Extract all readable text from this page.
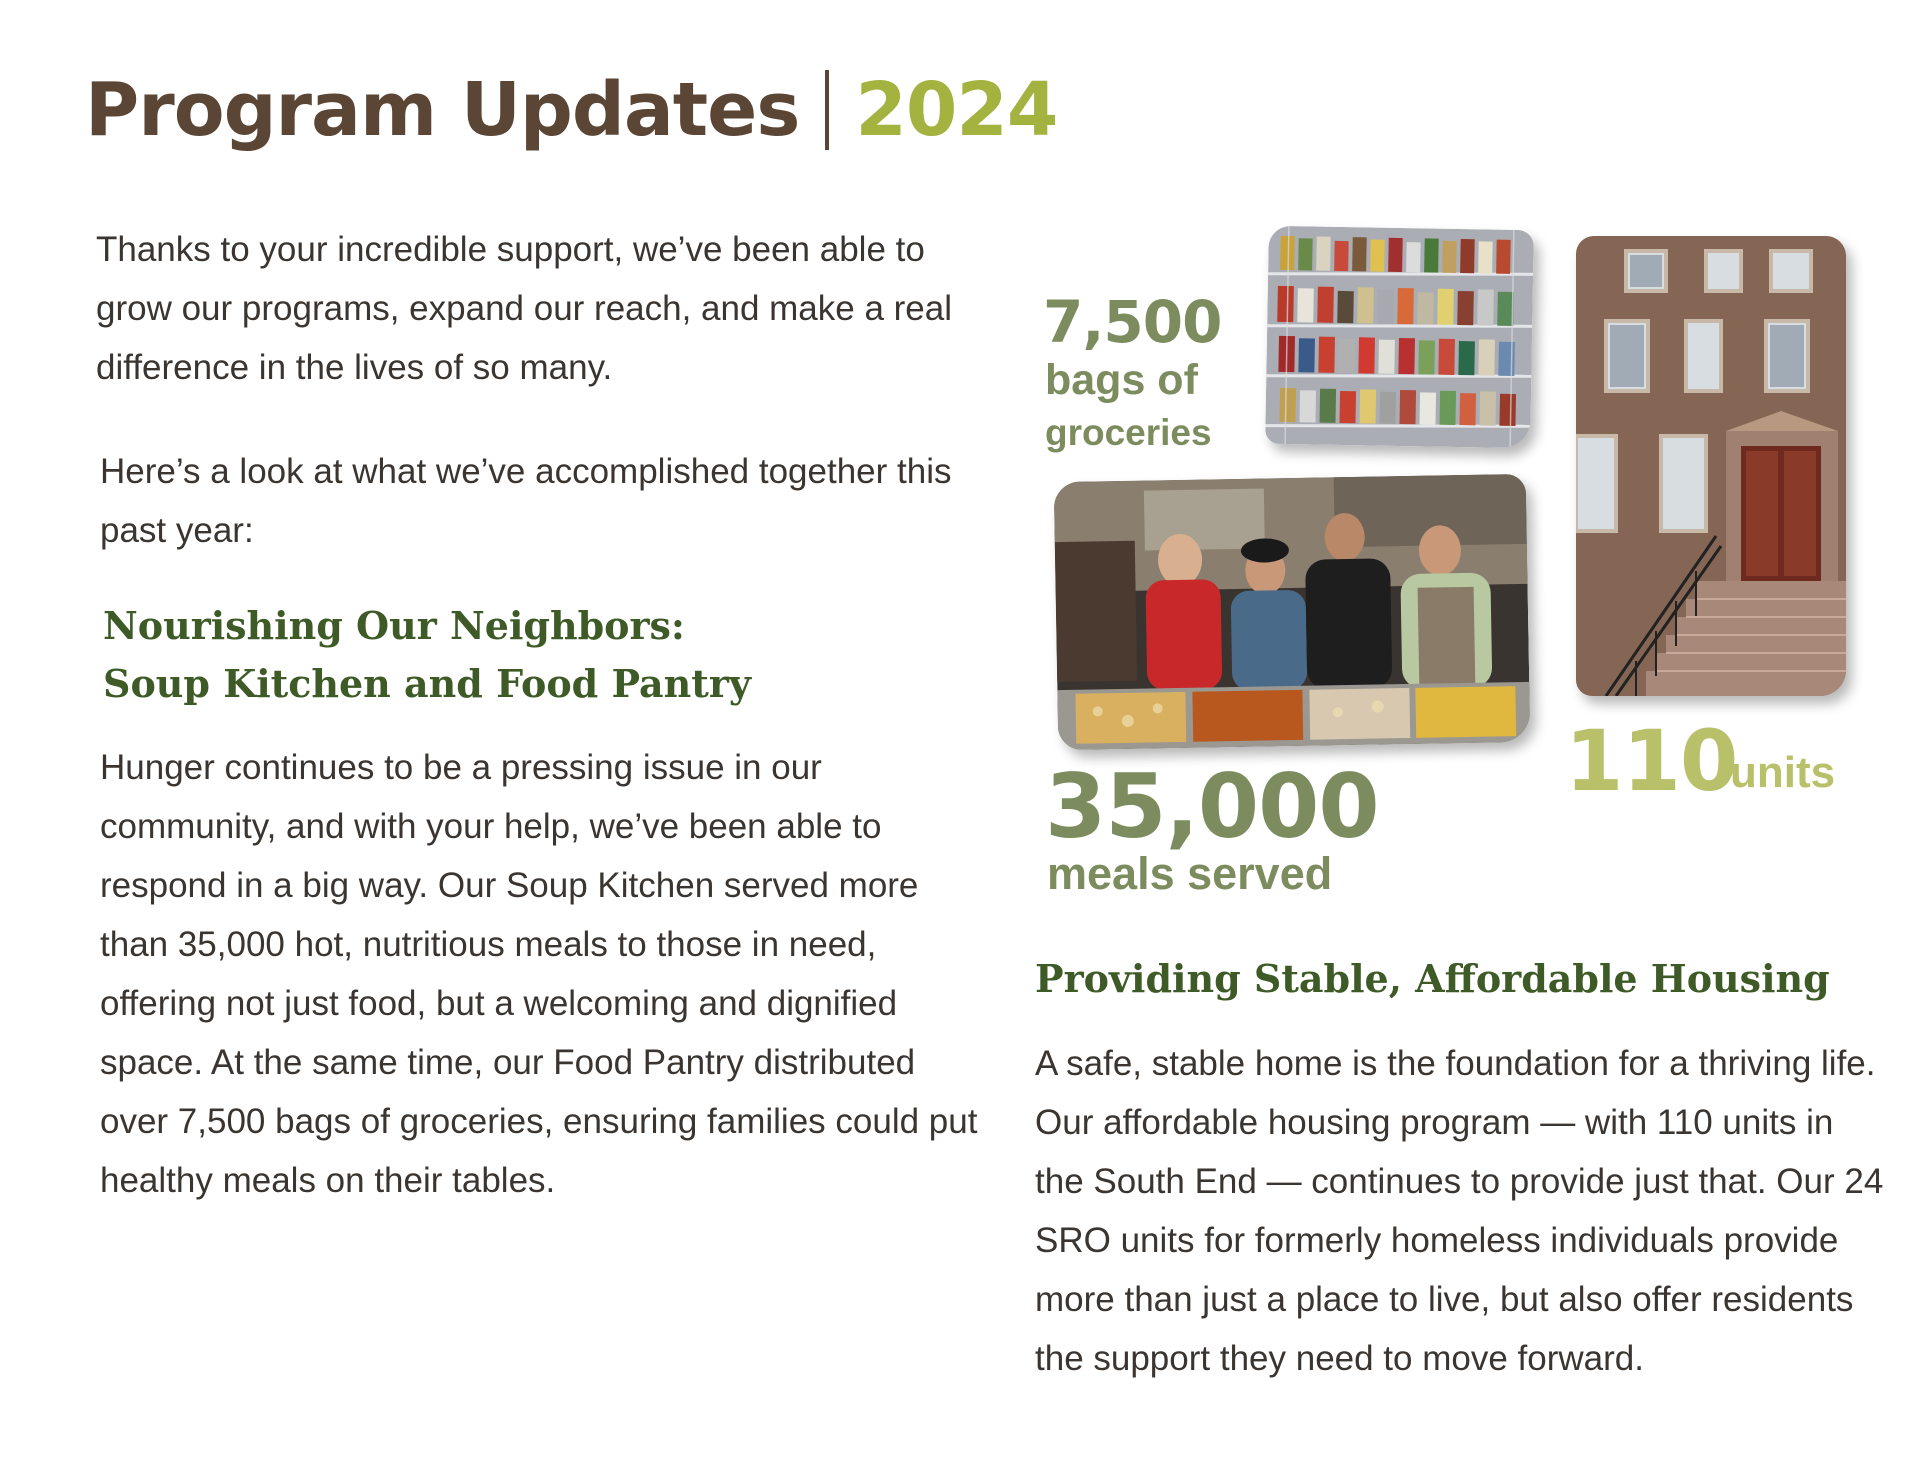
Program Updates 2024
Thanks to your incredible support, we’ve been able to grow our programs, expand our reach, and make a real difference in the lives of so many.
Here’s a look at what we’ve accomplished together this past year:
Nourishing Our Neighbors:
Soup Kitchen and Food Pantry
Hunger continues to be a pressing issue in our community, and with your help, we’ve been able to respond in a big way. Our Soup Kitchen served more than 35,000 hot, nutritious meals to those in need, offering not just food, but a welcoming and dignified space. At the same time, our Food Pantry distributed over 7,500 bags of groceries, ensuring families could put healthy meals on their tables.
7,500
bags of
groceries
35,000
meals served
110
units
Providing Stable, Affordable Housing
A safe, stable home is the foundation for a thriving life. Our affordable housing program — with 110 units in the South End — continues to provide just that. Our 24 SRO units for formerly homeless individuals provide more than just a place to live, but also offer residents the support they need to move forward.
